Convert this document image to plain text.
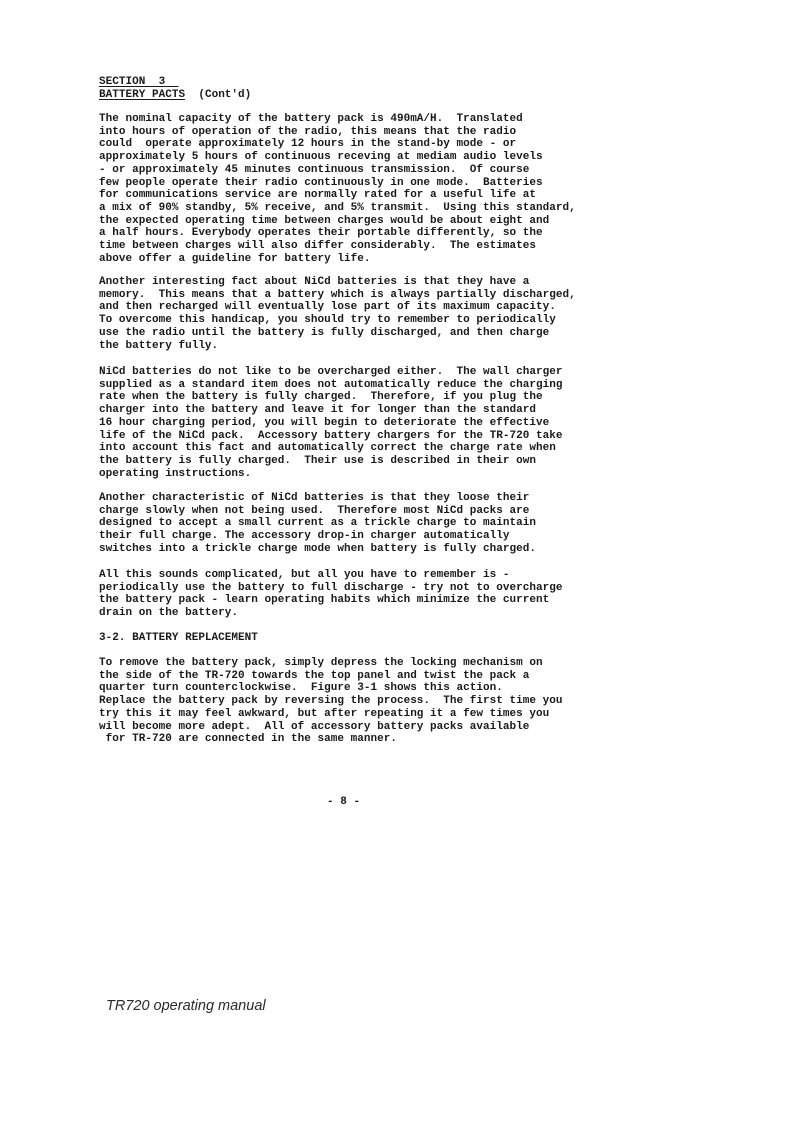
SECTION  3
BATTERY PACTS (Cont'd)
The nominal capacity of the battery pack is 490mA/H.  Translated
into hours of operation of the radio, this means that the radio
could  operate approximately 12 hours in the stand-by mode - or
approximately 5 hours of continuous receving at mediam audio levels
- or approximately 45 minutes continuous transmission.  Of course
few people operate their radio continuously in one mode.  Batteries
for communications service are normally rated for a useful life at
a mix of 90% standby, 5% receive, and 5% transmit.  Using this standard,
the expected operating time between charges would be about eight and
a half hours. Everybody operates their portable differently, so the
time between charges will also differ considerably.  The estimates
above offer a guideline for battery life.
Another interesting fact about NiCd batteries is that they have a
memory.  This means that a battery which is always partially discharged,
and then recharged will eventually lose part of its maximum capacity.
To overcome this handicap, you should try to remember to periodically
use the radio until the battery is fully discharged, and then charge
the battery fully.
NiCd batteries do not like to be overcharged either.  The wall charger
supplied as a standard item does not automatically reduce the charging
rate when the battery is fully charged.  Therefore, if you plug the
charger into the battery and leave it for longer than the standard
16 hour charging period, you will begin to deteriorate the effective
life of the NiCd pack.  Accessory battery chargers for the TR-720 take
into account this fact and automatically correct the charge rate when
the battery is fully charged.  Their use is described in their own
operating instructions.
Another characteristic of NiCd batteries is that they loose their
charge slowly when not being used.  Therefore most NiCd packs are
designed to accept a small current as a trickle charge to maintain
their full charge. The accessory drop-in charger automatically
switches into a trickle charge mode when battery is fully charged.
All this sounds complicated, but all you have to remember is -
periodically use the battery to full discharge - try not to overcharge
the battery pack - learn operating habits which minimize the current
drain on the battery.
3-2. BATTERY REPLACEMENT
To remove the battery pack, simply depress the locking mechanism on
the side of the TR-720 towards the top panel and twist the pack a
quarter turn counterclockwise.  Figure 3-1 shows this action.
Replace the battery pack by reversing the process.  The first time you
try this it may feel awkward, but after repeating it a few times you
will become more adept.  All of accessory battery packs available
for TR-720 are connected in the same manner.
- 8 -
TR720 operating manual
